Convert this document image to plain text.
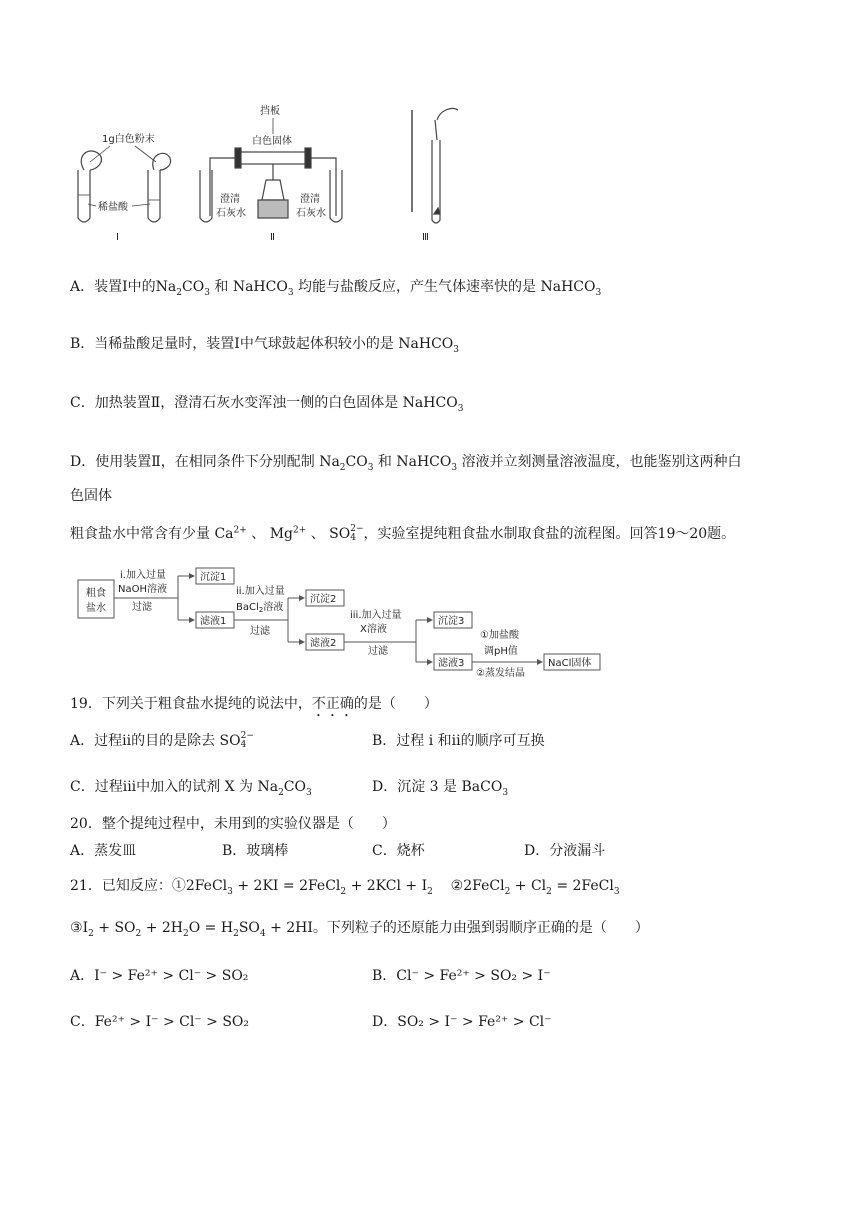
1g白色粉末
稀盐酸
Ⅰ
挡板
白色固体
澄清
石灰水
澄清
石灰水
Ⅱ	Ⅲ
A．装置Ⅰ中的$Na_2CO_3$ 和 NaHCO$_3$ 均能与盐酸反应，产生气体速率快的是 NaHCO$_3$
B．当稀盐酸足量时，装置Ⅰ中气球鼓起体积较小的是 NaHCO$_3$
C．加热装置Ⅱ，澄清石灰水变浑浊一侧的白色固体是 NaHCO$_3$
D．使用装置Ⅱ，在相同条件下分别配制 $Na_2CO_3$ 和 NaHCO$_3$ 溶液并立刻测量溶液温度，也能鉴别这两种白
色固体
粗食盐水中常含有少量 $Ca^{2+}$ 、 $Mg^{2+}$ 、 SO 2−
4 ，实验室提纯粗食盐水制取食盐的流程图。回答19～20题。
粗食
盐水
i.加入过量
NaOH溶液
过滤
沉淀1
滤液1
ii.加入过量
BaCl$_2$溶液
过滤
沉淀2
滤液2
iii.加入过量
X溶液
过滤
沉淀3
滤液3
①加盐酸
调pH值
②蒸发结晶
NaCl固体
19．下列关于粗食盐水提纯的说法中，不正确的是（　　）
A．过程ii的目的是除去 SO 2−
4	B．过程 i 和ii的顺序可互换
C．过程iii中加入的试剂 X 为 $Na_2CO_3$	D．沉淀 3 是 BaCO$_3$
20．整个提纯过程中，未用到的实验仪器是（　　）
A．蒸发皿	B．玻璃棒	C．烧杯	D．分液漏斗
21．已知反应：①2FeCl$_3$ + 2KI = 2FeCl$_2$ + $2KCl + I_2$ ②2FeCl$_2$ + $Cl_2$ = 2FeCl$_3$
$③I_2 + SO_2 + 2H_2O = H_2SO_4 + 2HI$。下列粒子的还原能力由强到弱顺序正确的是（　　）
A．I⁻ > Fe²⁺ > Cl⁻ > SO₂	B．Cl⁻ > Fe²⁺ > SO₂ > I⁻
C．Fe²⁺ > I⁻ > Cl⁻ > SO₂	D．SO₂ > I⁻ > Fe²⁺ > Cl⁻
